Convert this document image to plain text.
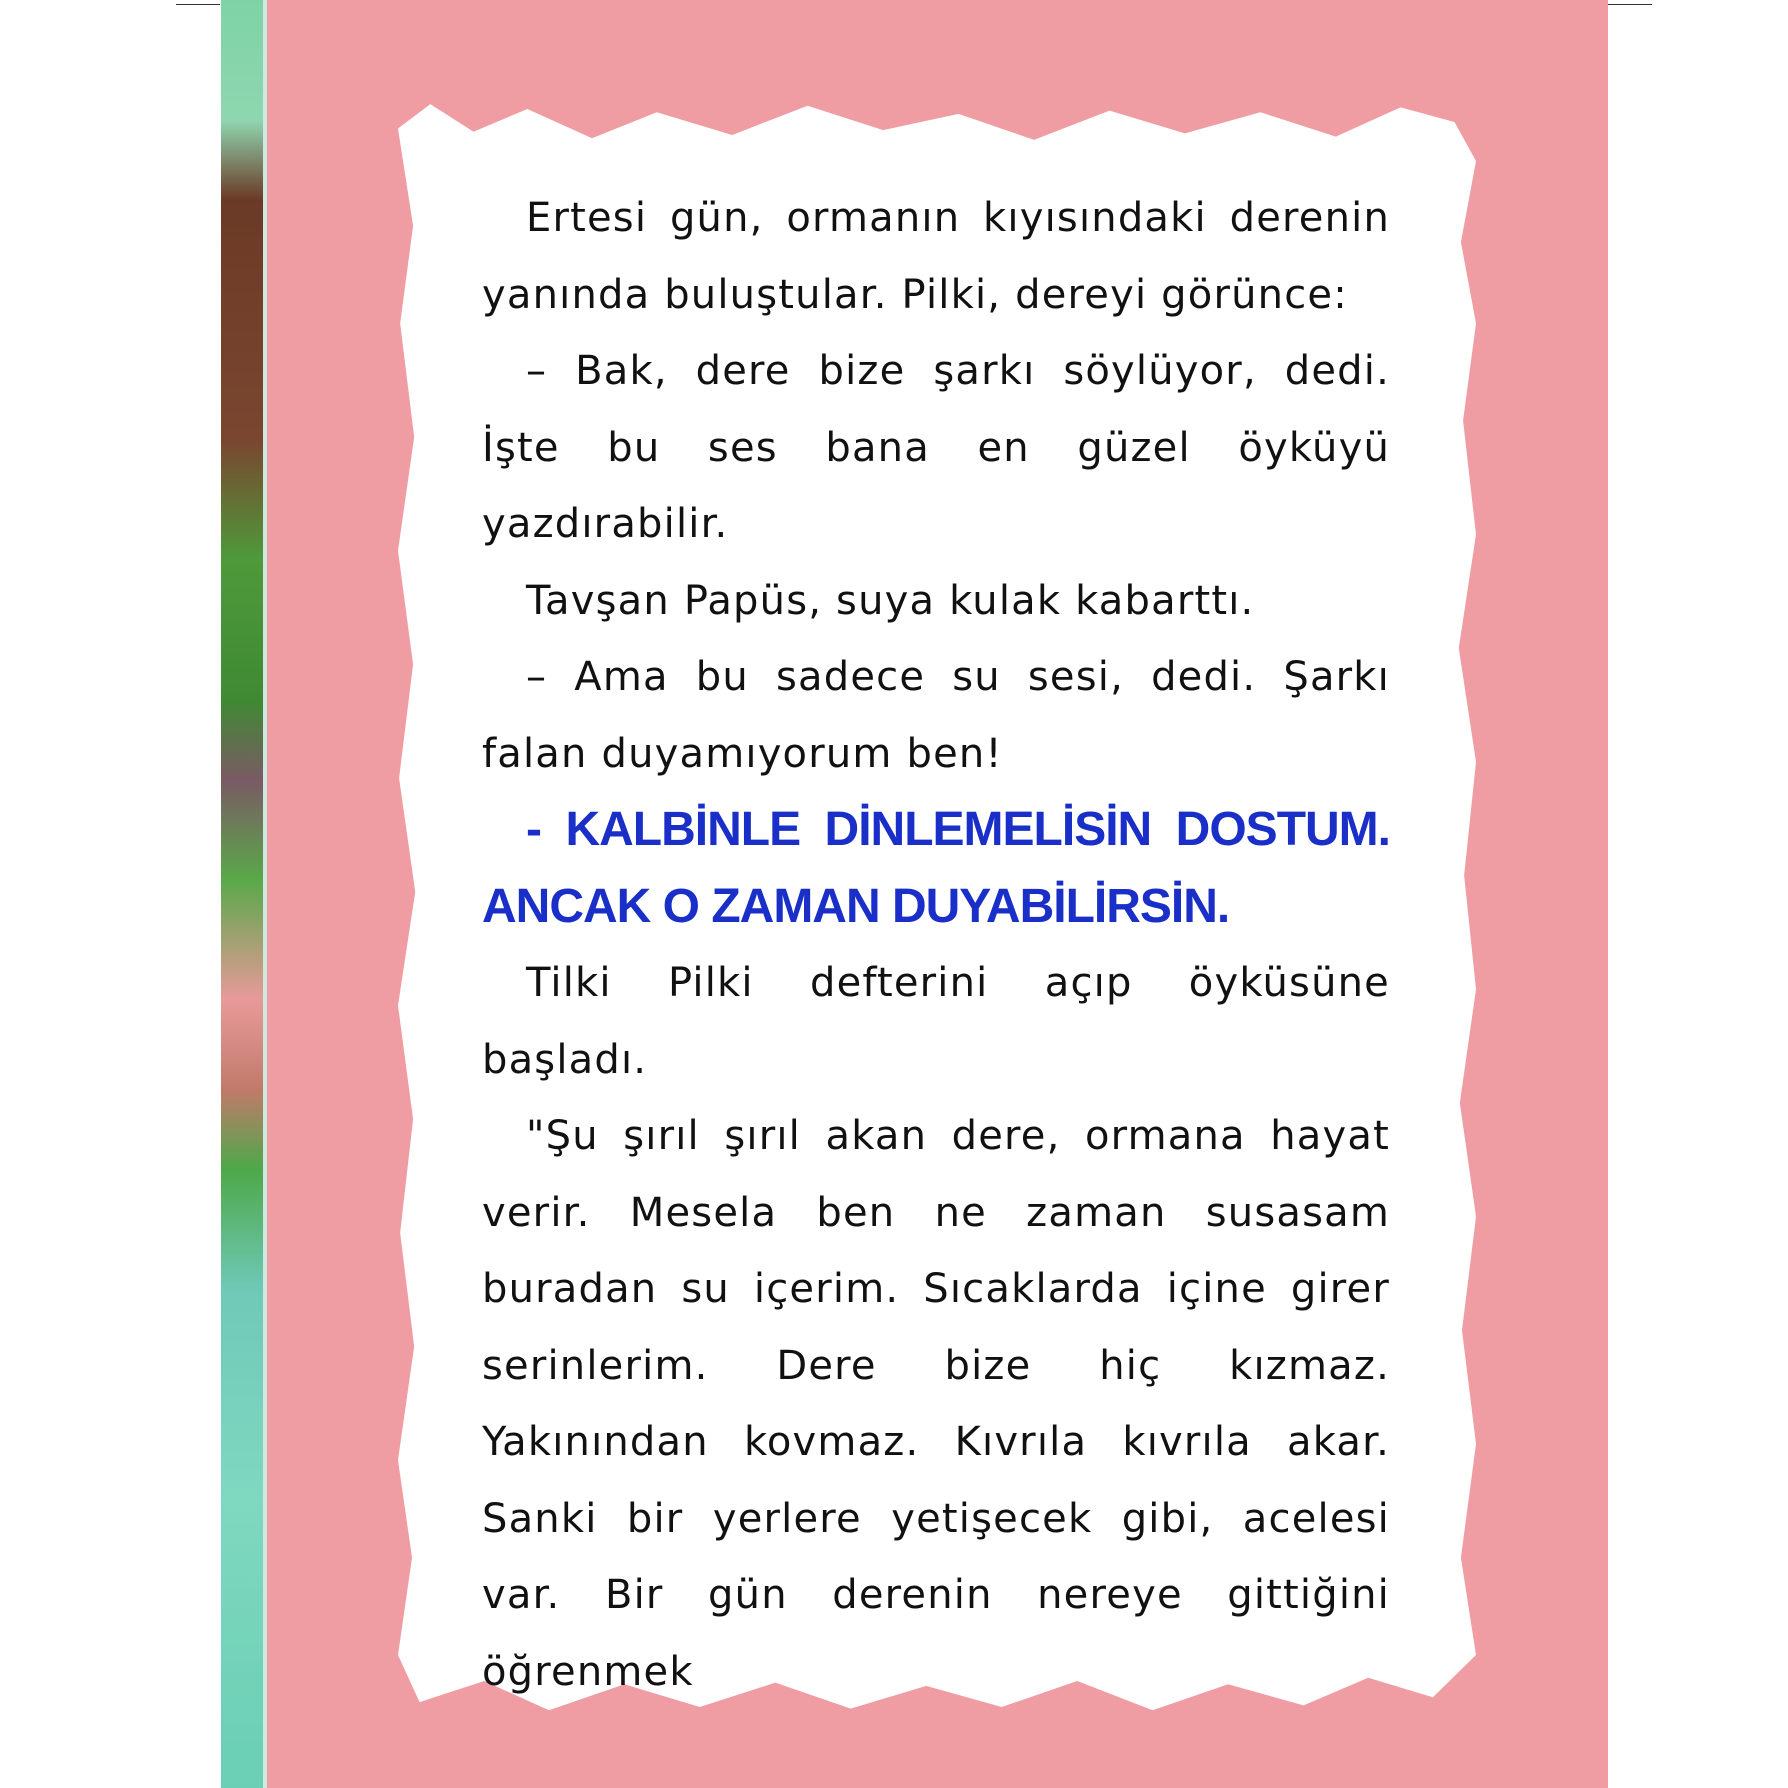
Ertesi gün, ormanın kıyısındaki derenin yanında buluştular. Pilki, dereyi görünce:

– Bak, dere bize şarkı söylüyor, dedi. İşte bu ses bana en güzel öyküyü yazdırabilir.

Tavşan Papüs, suya kulak kabarttı.

– Ama bu sadece su sesi, dedi. Şarkı falan duyamıyorum ben!

- KALBİNLE DİNLEMELİSİN DOSTUM. ANCAK O ZAMAN DUYABİLİRSİN.

Tilki Pilki defterini açıp öyküsüne başladı.

"Şu şırıl şırıl akan dere, ormana hayat verir. Mesela ben ne zaman susasam buradan su içerim. Sıcaklarda içine girer serinlerim. Dere bize hiç kızmaz. Yakınından kovmaz. Kıvrıla kıvrıla akar. Sanki bir yerlere yetişecek gibi, acelesi var. Bir gün derenin nereye gittiğini öğrenmek
